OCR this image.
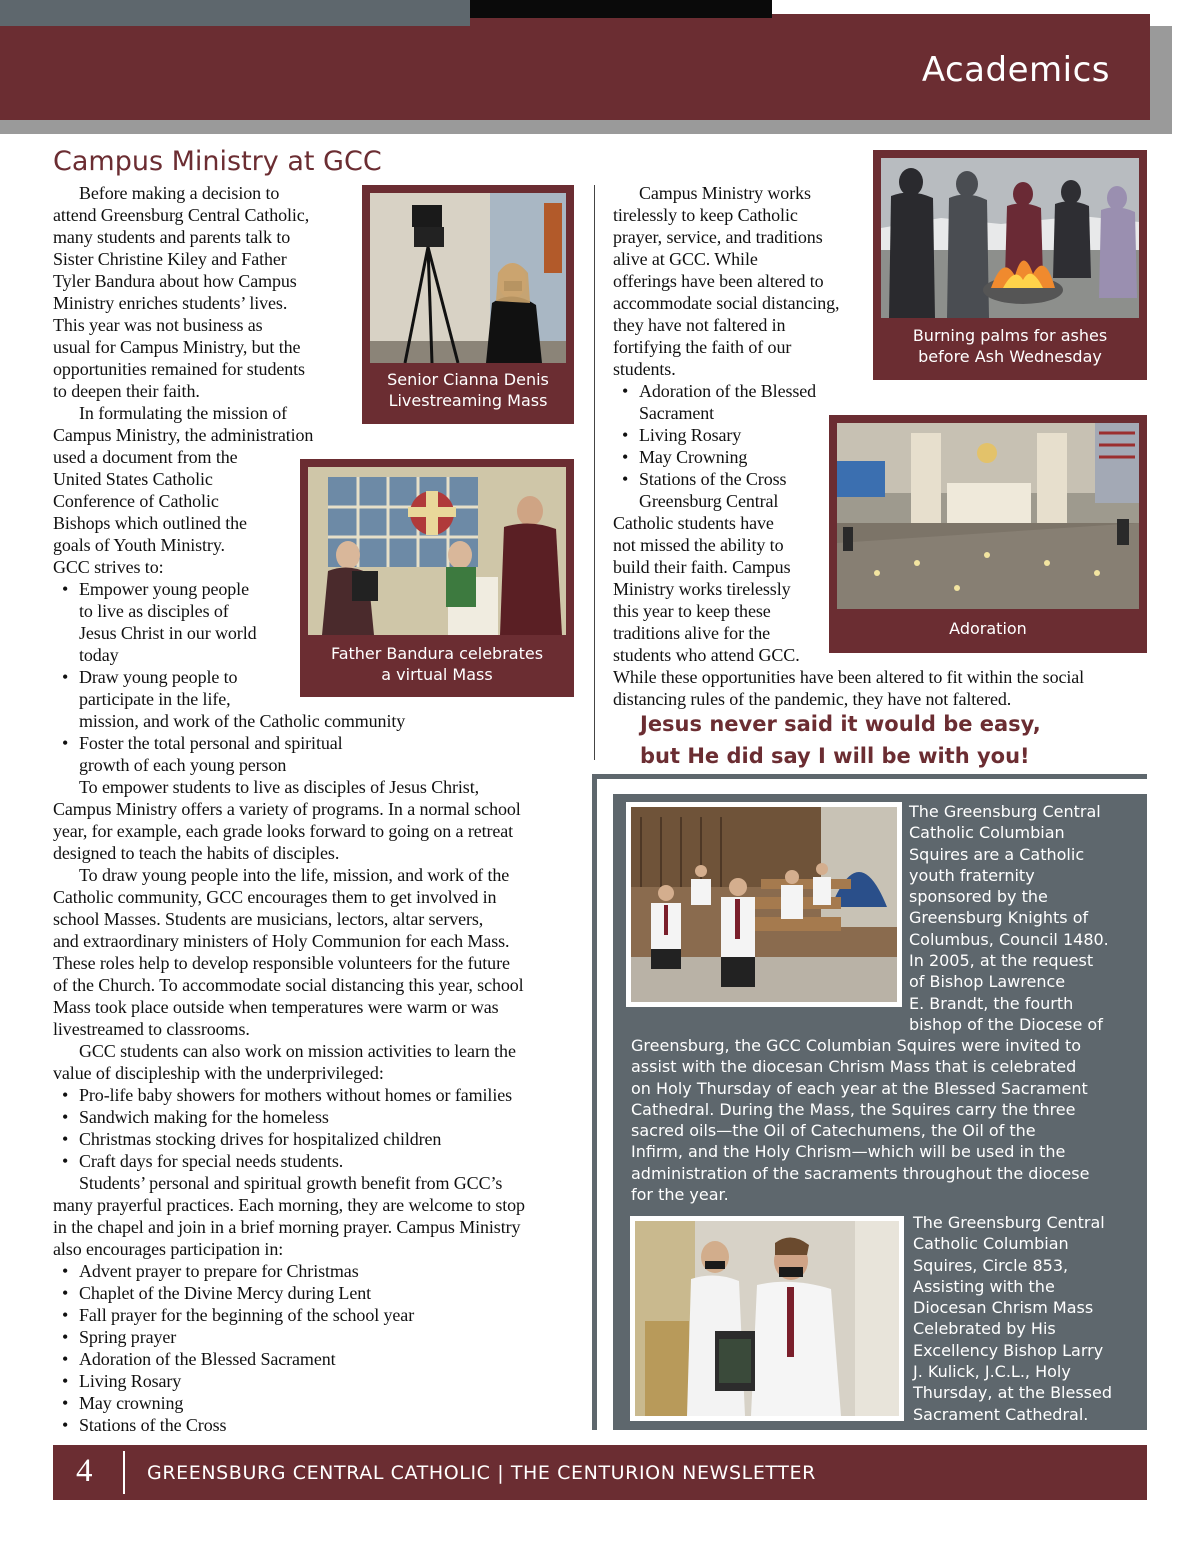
Academics
Campus Ministry at GCC
Before making a decision to
attend Greensburg Central Catholic,
many students and parents talk to
Sister Christine Kiley and Father
Tyler Bandura about how Campus
Ministry enriches students’ lives.
This year was not business as
usual for Campus Ministry, but the
opportunities remained for students
to deepen their faith.
In formulating the mission of
Campus Ministry, the administration
used a document from the
United States Catholic
Conference of Catholic
Bishops which outlined the
goals of Youth Ministry.
GCC strives to:
• Empower young people
to live as disciples of
Jesus Christ in our world
today
• Draw young people to
participate in the life,
mission, and work of the Catholic community
• Foster the total personal and spiritual
growth of each young person
To empower students to live as disciples of Jesus Christ,
Campus Ministry offers a variety of programs. In a normal school
year, for example, each grade looks forward to going on a retreat
designed to teach the habits of disciples.
To draw young people into the life, mission, and work of the
Catholic community, GCC encourages them to get involved in
school Masses. Students are musicians, lectors, altar servers,
and extraordinary ministers of Holy Communion for each Mass.
These roles help to develop responsible volunteers for the future
of the Church. To accommodate social distancing this year, school
Mass took place outside when temperatures were warm or was
livestreamed to classrooms.
GCC students can also work on mission activities to learn the
value of discipleship with the underprivileged:
• Pro-life baby showers for mothers without homes or families
• Sandwich making for the homeless
• Christmas stocking drives for hospitalized children
• Craft days for special needs students.
Students’ personal and spiritual growth benefit from GCC’s
many prayerful practices. Each morning, they are welcome to stop
in the chapel and join in a brief morning prayer. Campus Ministry
also encourages participation in:
• Advent prayer to prepare for Christmas
• Chaplet of the Divine Mercy during Lent
• Fall prayer for the beginning of the school year
• Spring prayer
• Adoration of the Blessed Sacrament
• Living Rosary
• May crowning
• Stations of the Cross
Senior Cianna Denis
Livestreaming Mass
Father Bandura celebrates
a virtual Mass
Campus Ministry works
tirelessly to keep Catholic
prayer, service, and traditions
alive at GCC. While
offerings have been altered to
accommodate social distancing,
they have not faltered in
fortifying the faith of our
students.
• Adoration of the Blessed
Sacrament
• Living Rosary
• May Crowning
• Stations of the Cross
Greensburg Central
Catholic students have
not missed the ability to
build their faith. Campus
Ministry works tirelessly
this year to keep these
traditions alive for the
students who attend GCC.
While these opportunities have been altered to fit within the social
distancing rules of the pandemic, they have not faltered.
Burning palms for ashes
before Ash Wednesday
Adoration
Jesus never said it would be easy,
but He did say I will be with you!
The Greensburg Central
Catholic Columbian
Squires are a Catholic
youth fraternity
sponsored by the
Greensburg Knights of
Columbus, Council 1480.
In 2005, at the request
of Bishop Lawrence
E. Brandt, the fourth
bishop of the Diocese of
Greensburg, the GCC Columbian Squires were invited to
assist with the diocesan Chrism Mass that is celebrated
on Holy Thursday of each year at the Blessed Sacrament
Cathedral. During the Mass, the Squires carry the three
sacred oils—the Oil of Catechumens, the Oil of the
Infirm, and the Holy Chrism—which will be used in the
administration of the sacraments throughout the diocese
for the year.
The Greensburg Central
Catholic Columbian
Squires, Circle 853,
Assisting with the
Diocesan Chrism Mass
Celebrated by His
Excellency Bishop Larry
J. Kulick, J.C.L., Holy
Thursday, at the Blessed
Sacrament Cathedral.
4	GREENSBURG CENTRAL CATHOLIC | THE CENTURION NEWSLETTER
